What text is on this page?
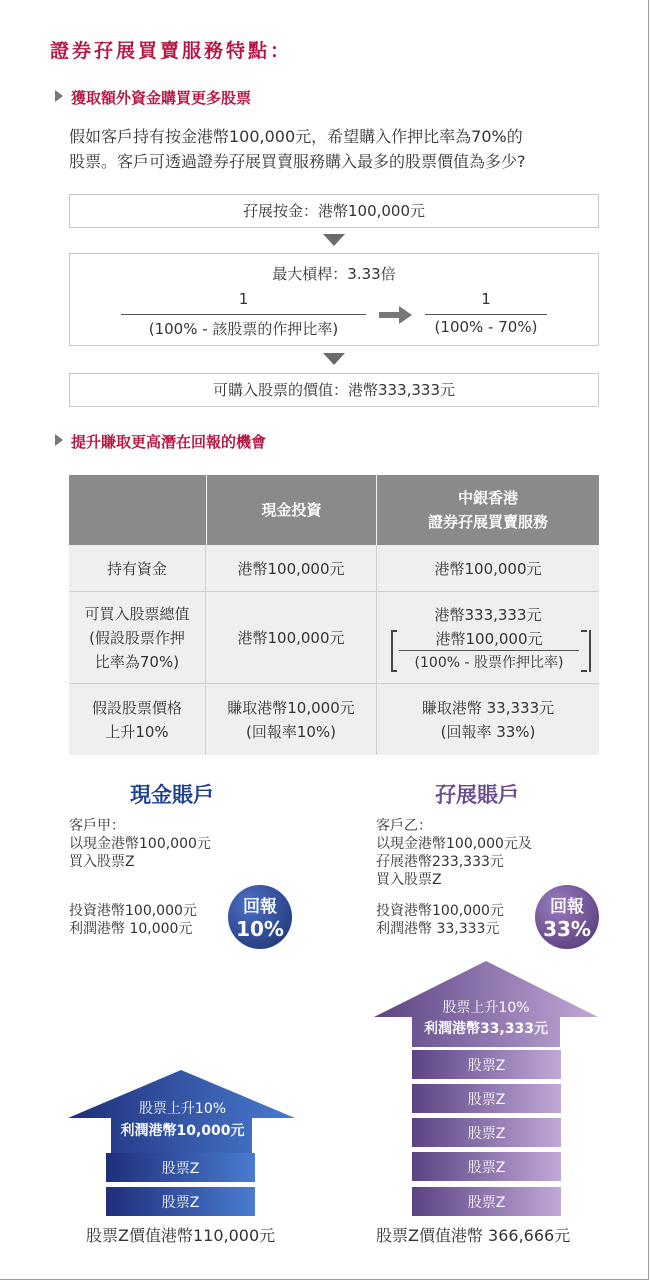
證券孖展買賣服務特點：
獲取額外資金購買更多股票
假如客戶持有按金港幣100,000元，希望購入作押比率為70%的
股票。客戶可透過證券孖展買賣服務購入最多的股票價值為多少?
孖展按金：港幣100,000元
最大槓桿：3.33倍
1
(100% - 該股票的作押比率)
1
(100% - 70%)
可購入股票的價值：港幣333,333元
提升賺取更高潛在回報的機會
現金投資
中銀香港
證券孖展買賣服務
持有資金	港幣100,000元	港幣100,000元
可買入股票總值
(假設股票作押
比率為70%)
港幣100,000元
港幣333,333元
港幣100,000元
(100% - 股票作押比率)
假設股票價格
上升10%
賺取港幣10,000元
(回報率10%)
賺取港幣 33,333元
(回報率 33%)
現金賬戶
客戶甲：
以現金港幣100,000元
買入股票Z
投資港幣100,000元
利潤港幣 10,000元
回報
10%
股票上升10%
利潤港幣10,000元
股票Z
股票Z
股票Z價值港幣110,000元
孖展賬戶
客戶乙：
以現金港幣100,000元及
孖展港幣233,333元
買入股票Z
投資港幣100,000元
利潤港幣 33,333元
回報
33%
股票上升10%
利潤港幣33,333元
股票Z
股票Z
股票Z
股票Z
股票Z
股票Z價值港幣 366,666元
